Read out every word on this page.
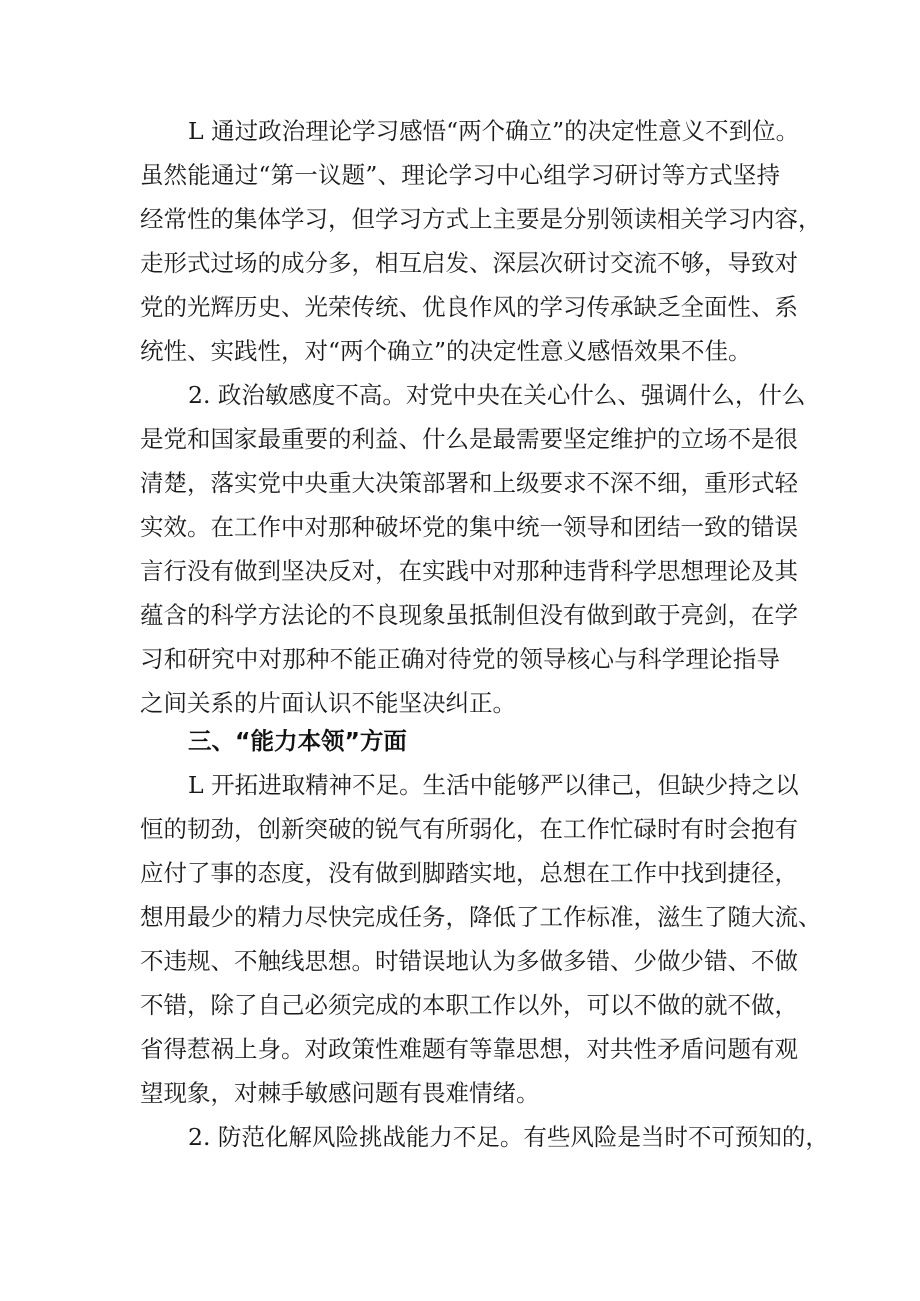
L 通过政治理论学习感悟“两个确立”的决定性意义不到位。
虽然能通过“第一议题”、理论学习中心组学习研讨等方式坚持
经常性的集体学习，但学习方式上主要是分别领读相关学习内容，
走形式过场的成分多，相互启发、深层次研讨交流不够，导致对
党的光辉历史、光荣传统、优良作风的学习传承缺乏全面性、系
统性、实践性，对“两个确立”的决定性意义感悟效果不佳。
2. 政治敏感度不高。对党中央在关心什么、强调什么，什么
是党和国家最重要的利益、什么是最需要坚定维护的立场不是很
清楚，落实党中央重大决策部署和上级要求不深不细，重形式轻
实效。在工作中对那种破坏党的集中统一领导和团结一致的错误
言行没有做到坚决反对，在实践中对那种违背科学思想理论及其
蕴含的科学方法论的不良现象虽抵制但没有做到敢于亮剑，在学
习和研究中对那种不能正确对待党的领导核心与科学理论指导
之间关系的片面认识不能坚决纠正。
三、“能力本领”方面
L 开拓进取精神不足。生活中能够严以律己，但缺少持之以
恒的韧劲，创新突破的锐气有所弱化，在工作忙碌时有时会抱有
应付了事的态度，没有做到脚踏实地，总想在工作中找到捷径，
想用最少的精力尽快完成任务，降低了工作标准，滋生了随大流、
不违规、不触线思想。时错误地认为多做多错、少做少错、不做
不错，除了自己必须完成的本职工作以外，可以不做的就不做，
省得惹祸上身。对政策性难题有等靠思想，对共性矛盾问题有观
望现象，对棘手敏感问题有畏难情绪。
2. 防范化解风险挑战能力不足。有些风险是当时不可预知的，
